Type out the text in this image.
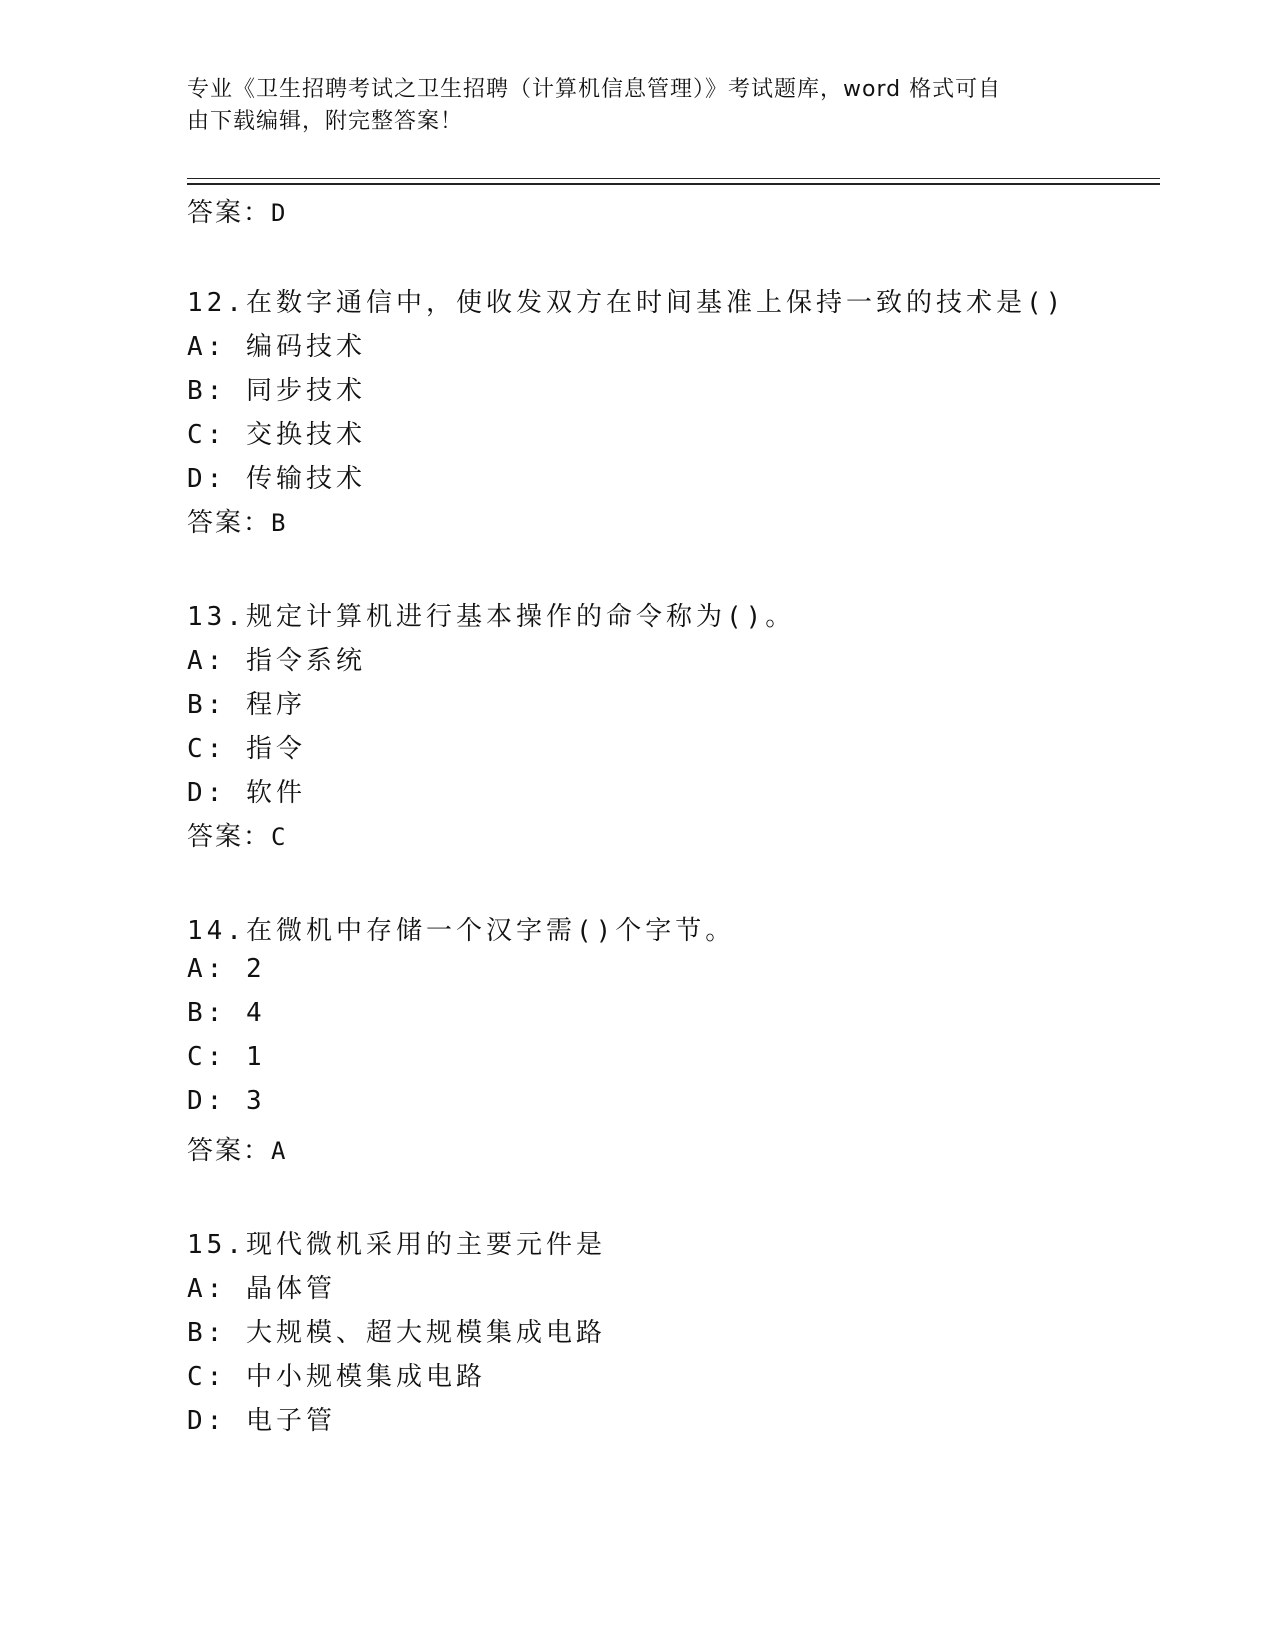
专业《卫生招聘考试之卫生招聘（计算机信息管理）》考试题库，word 格式可自
由下载编辑，附完整答案！
答案：D
12.在数字通信中，使收发双方在时间基准上保持一致的技术是()
A: 编码技术
B: 同步技术
C: 交换技术
D: 传输技术
答案：B
13.规定计算机进行基本操作的命令称为()。
A: 指令系统
B: 程序
C: 指令
D: 软件
答案：C
14.在微机中存储一个汉字需()个字节。
A: 2
B: 4
C: 1
D: 3
答案：A
15.现代微机采用的主要元件是
A: 晶体管
B: 大规模、超大规模集成电路
C: 中小规模集成电路
D: 电子管
